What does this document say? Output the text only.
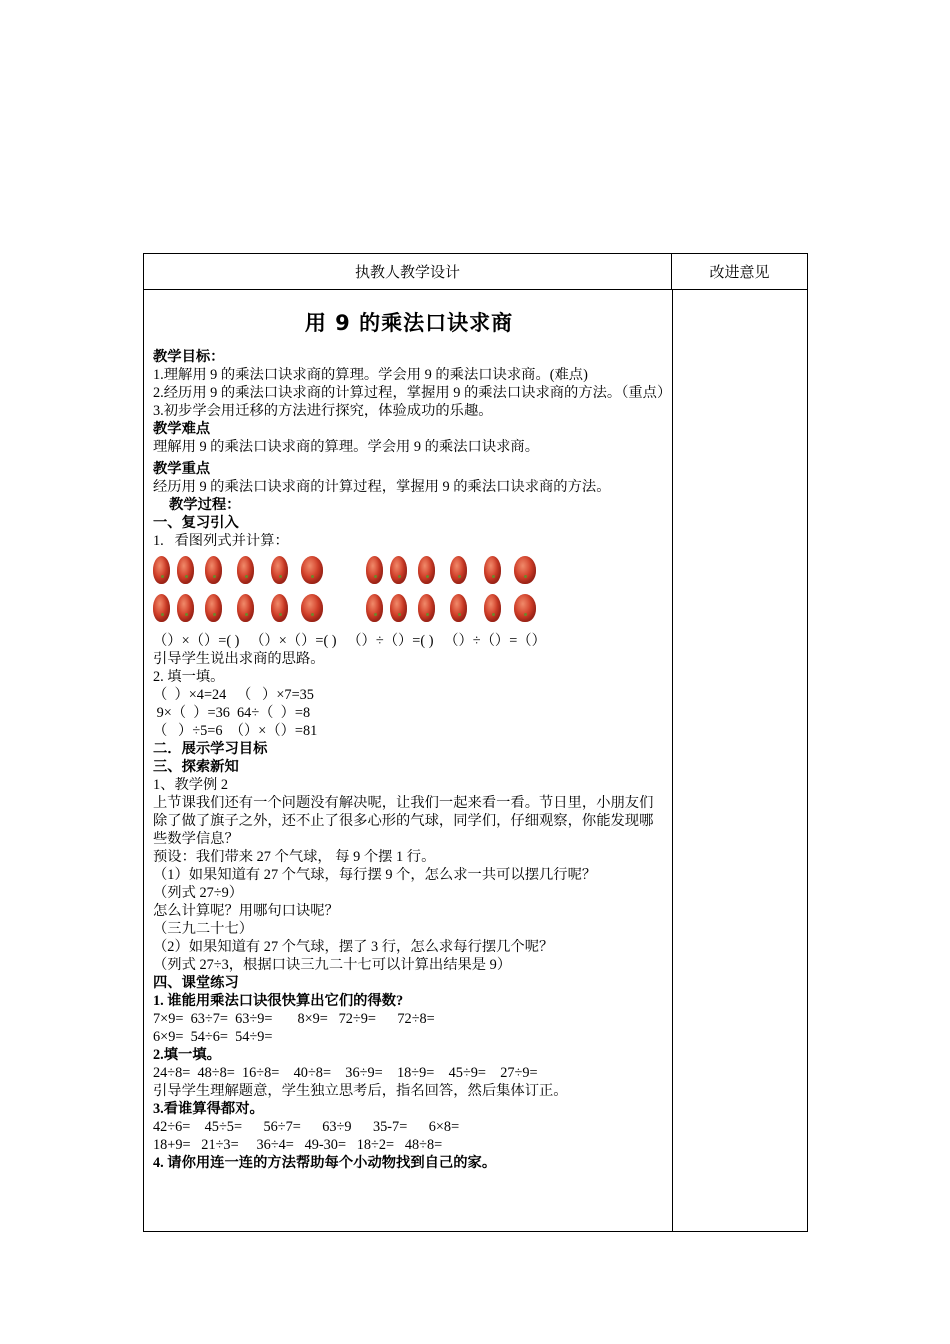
执教人教学设计	改进意见
用 9 的乘法口诀求商
教学目标：
1.理解用 9 的乘法口诀求商的算理。学会用 9 的乘法口诀求商。(难点)
2.经历用 9 的乘法口诀求商的计算过程，掌握用 9 的乘法口诀求商的方法。（重点）
3.初步学会用迁移的方法进行探究，体验成功的乐趣。
教学难点
理解用 9 的乘法口诀求商的算理。学会用 9 的乘法口诀求商。
教学重点
经历用 9 的乘法口诀求商的计算过程，掌握用 9 的乘法口诀求商的方法。
教学过程：
一、复习引入
1.   看图列式并计算：
（）×（）=( )   （）×（）=( )   （）÷（）=( )   （）÷（）=（）
引导学生说出求商的思路。
2. 填一填。
（  ）×4=24   （   ）×7=35
9×（  ）=36  64÷（  ）=8
（   ）÷5=6  （）×（）=81
二．展示学习目标
三、探索新知
1、教学例 2
上节课我们还有一个问题没有解决呢，让我们一起来看一看。节日里，小朋友们除了做了旗子之外，还不止了很多心形的气球，同学们，仔细观察，你能发现哪些数学信息？
预设：我们带来 27 个气球， 每 9 个摆 1 行。
（1）如果知道有 27 个气球，每行摆 9 个，怎么求一共可以摆几行呢？
（列式 27÷9）
怎么计算呢？用哪句口诀呢？
（三九二十七）
（2）如果知道有 27 个气球，摆了 3 行，怎么求每行摆几个呢？
（列式 27÷3，根据口诀三九二十七可以计算出结果是 9）
四、课堂练习
1. 谁能用乘法口诀很快算出它们的得数?
7×9=  63÷7=  63÷9=       8×9=   72÷9=      72÷8=
6×9=  54÷6=  54÷9=
2.填一填。
24÷8=  48÷8=  16÷8=    40÷8=    36÷9=    18÷9=    45÷9=    27÷9=
引导学生理解题意，学生独立思考后，指名回答，然后集体订正。
3.看谁算得都对。
42÷6=    45÷5=      56÷7=      63÷9      35-7=      6×8=
18+9=   21÷3=     36÷4=   49-30=   18÷2=   48÷8=
4. 请你用连一连的方法帮助每个小动物找到自己的家。
